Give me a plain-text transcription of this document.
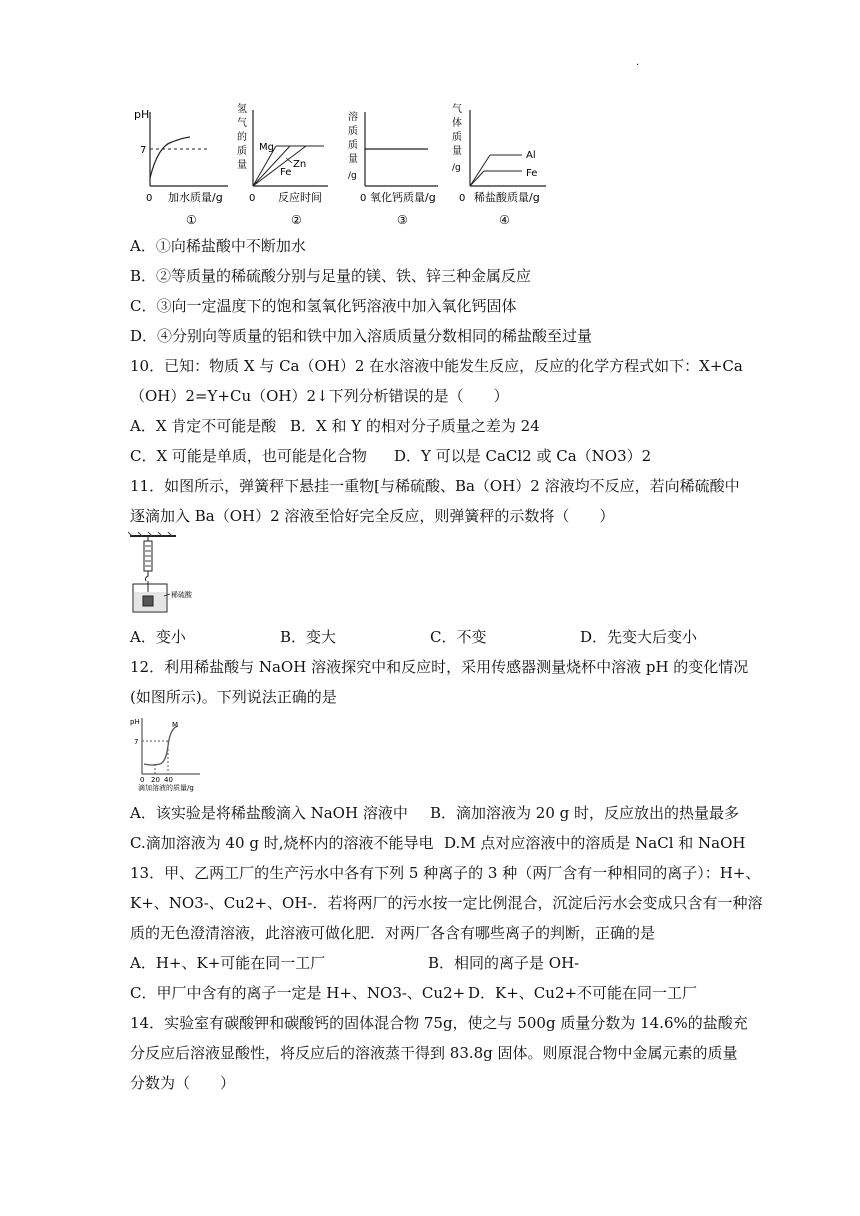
·
pH
7
0 加水质量/g
①
氢
气
的
质
量
Mg
Zn
Fe
0 反应时间
②
溶
质
质
量
/g
0 氧化钙质量/g
③
气
体
质
量
/g
Al
Fe
0 稀盐酸质量/g
④
A．①向稀盐酸中不断加水
B．②等质量的稀硫酸分别与足量的镁、铁、锌三种金属反应
C．③向一定温度下的饱和氢氧化钙溶液中加入氧化钙固体
D．④分别向等质量的铝和铁中加入溶质质量分数相同的稀盐酸至过量
10．已知：物质 X 与 Ca（OH）2 在水溶液中能发生反应，反应的化学方程式如下：X+Ca
（OH）2=Y+Cu（OH）2↓下列分析错误的是（　　）
A．X 肯定不可能是酸 B．X 和 Y 的相对分子质量之差为 24
C．X 可能是单质，也可能是化合物 D．Y 可以是 CaCl2 或 Ca（NO3）2
11．如图所示，弹簧秤下悬挂一重物[与稀硫酸、Ba（OH）2 溶液均不反应，若向稀硫酸中
逐滴加入 Ba（OH）2 溶液至恰好完全反应，则弹簧秤的示数将（　　）
稀硫酸
A．变小	B．变大	C．不变	D．先变大后变小
12．利用稀盐酸与 NaOH 溶液探究中和反应时，采用传感器测量烧杯中溶液 pH 的变化情况
(如图所示)。下列说法正确的是
pH	M
7
0 20 40
滴加溶液的质量/g
A．该实验是将稀盐酸滴入 NaOH 溶液中 B．滴加溶液为 20 g 时，反应放出的热量最多
C.滴加溶液为 40 g 时,烧杯内的溶液不能导电 D.M 点对应溶液中的溶质是 NaCl 和 NaOH
13．甲、乙两工厂的生产污水中各有下列 5 种离子的 3 种（两厂含有一种相同的离子）：H+、
K+、NO3-、Cu2+、OH-．若将两厂的污水按一定比例混合，沉淀后污水会变成只含有一种溶
质的无色澄清溶液，此溶液可做化肥．对两厂各含有哪些离子的判断，正确的是
A．H+、K+可能在同一工厂	B．相同的离子是 OH-
C．甲厂中含有的离子一定是 H+、NO3-、Cu2+ D．K+、Cu2+不可能在同一工厂
14．实验室有碳酸钾和碳酸钙的固体混合物 75g，使之与 500g 质量分数为 14.6%的盐酸充
分反应后溶液显酸性，将反应后的溶液蒸干得到 83.8g 固体。则原混合物中金属元素的质量
分数为（　　）
